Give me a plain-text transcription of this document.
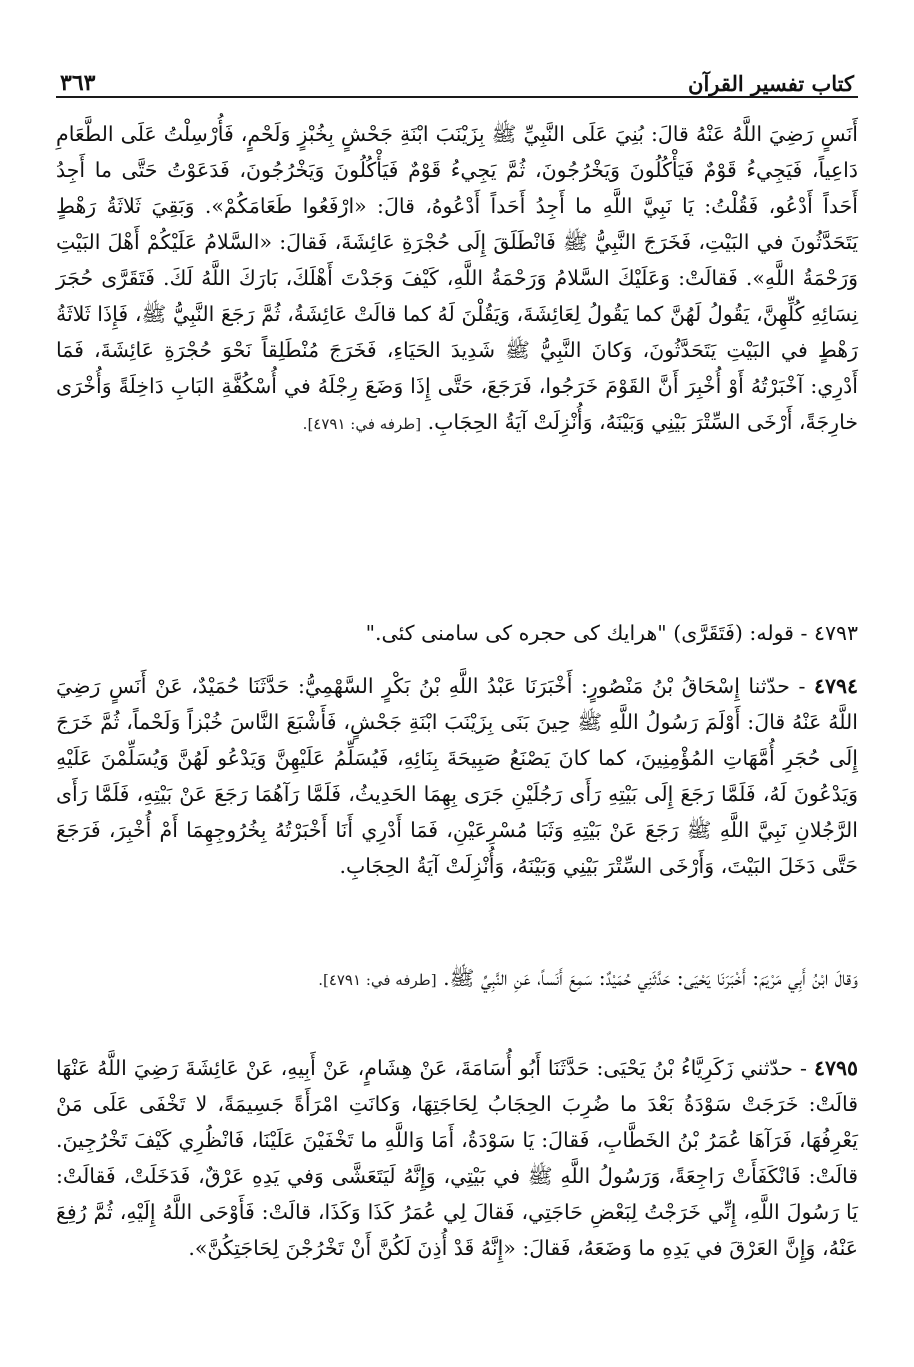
كتاب تفسير القرآن
٣٦٣

أَنَسٍ رَضِيَ اللَّهُ عَنْهُ قالَ: بُنِيَ عَلَى النَّبِيِّ ﷺ بِزَيْنَبَ ابْنَةِ جَحْشٍ بِخُبْزٍ وَلَحْمٍ، فَأُرْسِلْتُ عَلَى الطَّعَامِ دَاعِياً، فَيَجِيءُ قَوْمٌ فَيَأْكُلُونَ وَيَخْرُجُونَ، ثُمَّ يَجِيءُ قَوْمٌ فَيَأْكُلُونَ وَيَخْرُجُونَ، فَدَعَوْتُ حَتَّى ما أَجِدُ أَحَداً أَدْعُو، فَقُلْتُ: يَا نَبِيَّ اللَّهِ ما أَجِدُ أَحَداً أَدْعُوهُ، قالَ: «ارْفَعُوا طَعَامَكُمْ». وَبَقِيَ ثَلاثَةُ رَهْطٍ يَتَحَدَّثُونَ في البَيْتِ، فَخَرَجَ النَّبِيُّ ﷺ فَانْطَلَقَ إِلَى حُجْرَةِ عَائِشَةَ، فَقالَ: «السَّلامُ عَلَيْكُمْ أَهْلَ البَيْتِ وَرَحْمَةُ اللَّهِ». فَقالَتْ: وَعَلَيْكَ السَّلامُ وَرَحْمَةُ اللَّهِ، كَيْفَ وَجَدْتَ أَهْلَكَ، بَارَكَ اللَّهُ لَكَ. فَتَقَرَّى حُجَرَ نِسَائِهِ كُلِّهِنَّ، يَقُولُ لَهُنَّ كما يَقُولُ لِعَائِشَةَ، وَيَقُلْنَ لَهُ كما قالَتْ عَائِشَةُ، ثُمَّ رَجَعَ النَّبِيُّ ﷺ، فَإِذَا ثَلاثَةُ رَهْطٍ في البَيْتِ يَتَحَدَّثُونَ، وَكانَ النَّبِيُّ ﷺ شَدِيدَ الحَيَاءِ، فَخَرَجَ مُنْطَلِقاً نَحْوَ حُجْرَةِ عَائِشَةَ، فَمَا أَدْرِي: آخْبَرْتُهُ أَوْ أُخْبِرَ أَنَّ القَوْمَ خَرَجُوا، فَرَجَعَ، حَتَّى إِذَا وَضَعَ رِجْلَهُ في أُسْكُفَّةِ البَابِ دَاخِلَةً وَأُخْرَى خارِجَةً، أَرْخَى السِّتْرَ بَيْنِي وَبَيْنَهُ، وَأُنْزِلَتْ آيَةُ الحِجَابِ. [طرفه في: ٤٧٩١].

٤٧٩٣ - قوله: (فَتَقَرَّى) "هرايك كى حجره كى سامنى كئى."

٤٧٩٤ - حدّثنا إِسْحَاقُ بْنُ مَنْصُورٍ: أَخْبَرَنَا عَبْدُ اللَّهِ بْنُ بَكْرٍ السَّهْمِيُّ: حَدَّثَنَا حُمَيْدٌ، عَنْ أَنَسٍ رَضِيَ اللَّهُ عَنْهُ قالَ: أَوْلَمَ رَسُولُ اللَّهِ ﷺ حِينَ بَنَى بِزَيْنَبَ ابْنَةِ جَحْشٍ، فَأَشْبَعَ النَّاسَ خُبْزاً وَلَحْماً، ثُمَّ خَرَجَ إِلَى حُجَرِ أُمَّهَاتِ المُؤْمِنِينَ، كما كانَ يَصْنَعُ صَبِيحَةَ بِنَائِهِ، فَيُسَلِّمُ عَلَيْهِنَّ وَيَدْعُو لَهُنَّ وَيُسَلِّمْنَ عَلَيْهِ وَيَدْعُونَ لَهُ، فَلَمَّا رَجَعَ إِلَى بَيْتِهِ رَأَى رَجُلَيْنِ جَرَى بِهِمَا الحَدِيثُ، فَلَمَّا رَآهُمَا رَجَعَ عَنْ بَيْتِهِ، فَلَمَّا رَأَى الرَّجُلانِ نَبِيَّ اللَّهِ ﷺ رَجَعَ عَنْ بَيْتِهِ وَثَبَا مُسْرِعَيْنِ، فَمَا أَدْرِي أَنَا أَخْبَرْتُهُ بِخُرُوجِهِمَا أَمْ أُخْبِرَ، فَرَجَعَ حَتَّى دَخَلَ البَيْتَ، وَأَرْخَى السِّتْرَ بَيْنِي وَبَيْنَهُ، وَأُنْزِلَتْ آيَةُ الحِجَابِ.

وَقالَ ابْنُ أَبِي مَرْيَمَ: أَخْبَرَنَا يَحْيَى: حَدَّثَنِي حُمَيْدٌ: سَمِعَ أَنَساً، عَنِ النَّبِيِّ ﷺ. [طرفه في: ٤٧٩١].

٤٧٩٥ - حدّثني زَكَرِيَّاءُ بْنُ يَحْيَى: حَدَّثَنَا أَبُو أُسَامَةَ، عَنْ هِشَامٍ، عَنْ أَبِيهِ، عَنْ عَائِشَةَ رَضِيَ اللَّهُ عَنْهَا قالَتْ: خَرَجَتْ سَوْدَةُ بَعْدَ ما ضُرِبَ الحِجَابُ لِحَاجَتِهَا، وَكانَتِ امْرَأَةً جَسِيمَةً، لا تَخْفَى عَلَى مَنْ يَعْرِفُهَا، فَرَآهَا عُمَرُ بْنُ الخَطَّابِ، فَقالَ: يَا سَوْدَةُ، أَمَا وَاللَّهِ ما تَخْفَيْنَ عَلَيْنَا، فَانْظُرِي كَيْفَ تَخْرُجِينَ. قالَتْ: فَانْكَفَأَتْ رَاجِعَةً، وَرَسُولُ اللَّهِ ﷺ في بَيْتِي، وَإِنَّهُ لَيَتَعَشَّى وَفي يَدِهِ عَرْقٌ، فَدَخَلَتْ، فَقالَتْ: يَا رَسُولَ اللَّهِ، إِنِّي خَرَجْتُ لِبَعْضِ حَاجَتِي، فَقالَ لِي عُمَرُ كَذَا وَكَذَا، قالَتْ: فَأَوْحَى اللَّهُ إِلَيْهِ، ثُمَّ رُفِعَ عَنْهُ، وَإِنَّ العَرْقَ في يَدِهِ ما وَضَعَهُ، فَقالَ: «إِنَّهُ قَدْ أُذِنَ لَكُنَّ أَنْ تَخْرُجْنَ لِحَاجَتِكُنَّ».
